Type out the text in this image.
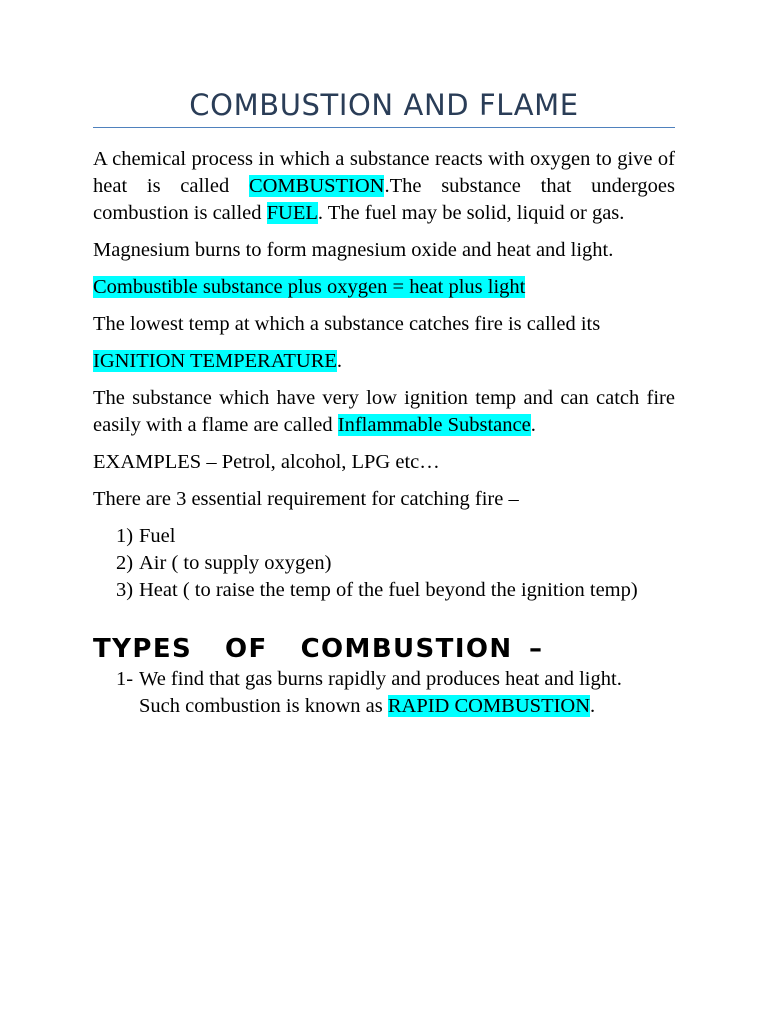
COMBUSTION AND FLAME

A chemical process in which a substance reacts with oxygen to give of heat is called COMBUSTION.The substance that undergoes combustion is called FUEL. The fuel may be solid, liquid or gas.

Magnesium burns to form magnesium oxide and heat and light.

Combustible substance plus oxygen = heat plus light

The lowest temp at which a substance catches fire is called its

IGNITION TEMPERATURE.

The substance which have very low ignition temp and can catch fire easily with a flame are called Inflammable Substance.

EXAMPLES – Petrol, alcohol, LPG etc…

There are 3 essential requirement for catching fire –

1) Fuel
2) Air ( to supply oxygen)
3) Heat ( to raise the temp of the fuel beyond the ignition temp)
TYPES  OF  COMBUSTION –
1- We find that gas burns rapidly and produces heat and light. Such combustion is known as RAPID COMBUSTION.
